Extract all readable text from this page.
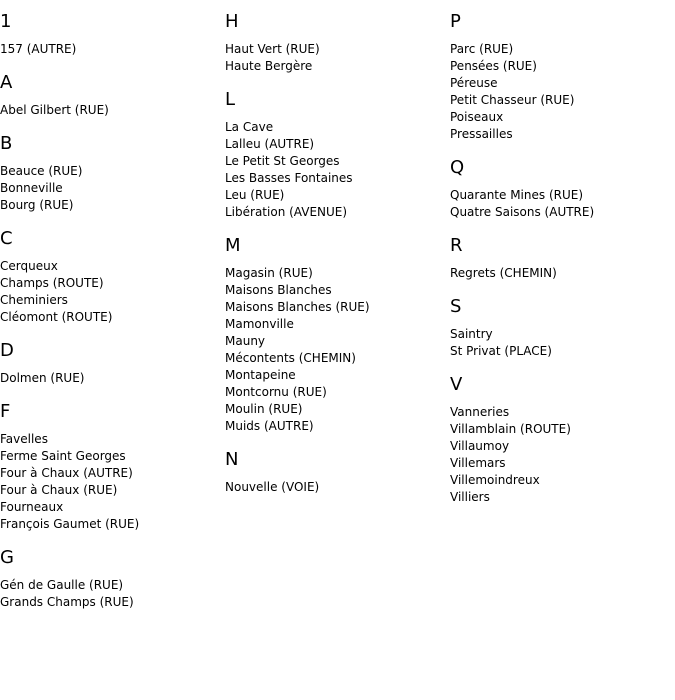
1
157 (AUTRE)
A
Abel Gilbert (RUE)
B
Beauce (RUE)
Bonneville
Bourg (RUE)
C
Cerqueux
Champs (ROUTE)
Cheminiers
Cléomont (ROUTE)
D
Dolmen (RUE)
F
Favelles
Ferme Saint Georges
Four à Chaux (AUTRE)
Four à Chaux (RUE)
Fourneaux
François Gaumet (RUE)
G
Gén de Gaulle (RUE)
Grands Champs (RUE)
H
Haut Vert (RUE)
Haute Bergère
L
La Cave
Lalleu (AUTRE)
Le Petit St Georges
Les Basses Fontaines
Leu (RUE)
Libération (AVENUE)
M
Magasin (RUE)
Maisons Blanches
Maisons Blanches (RUE)
Mamonville
Mauny
Mécontents (CHEMIN)
Montapeine
Montcornu (RUE)
Moulin (RUE)
Muids (AUTRE)
N
Nouvelle (VOIE)
P
Parc (RUE)
Pensées (RUE)
Péreuse
Petit Chasseur (RUE)
Poiseaux
Pressailles
Q
Quarante Mines (RUE)
Quatre Saisons (AUTRE)
R
Regrets (CHEMIN)
S
Saintry
St Privat (PLACE)
V
Vanneries
Villamblain (ROUTE)
Villaumoy
Villemars
Villemoindreux
Villiers
